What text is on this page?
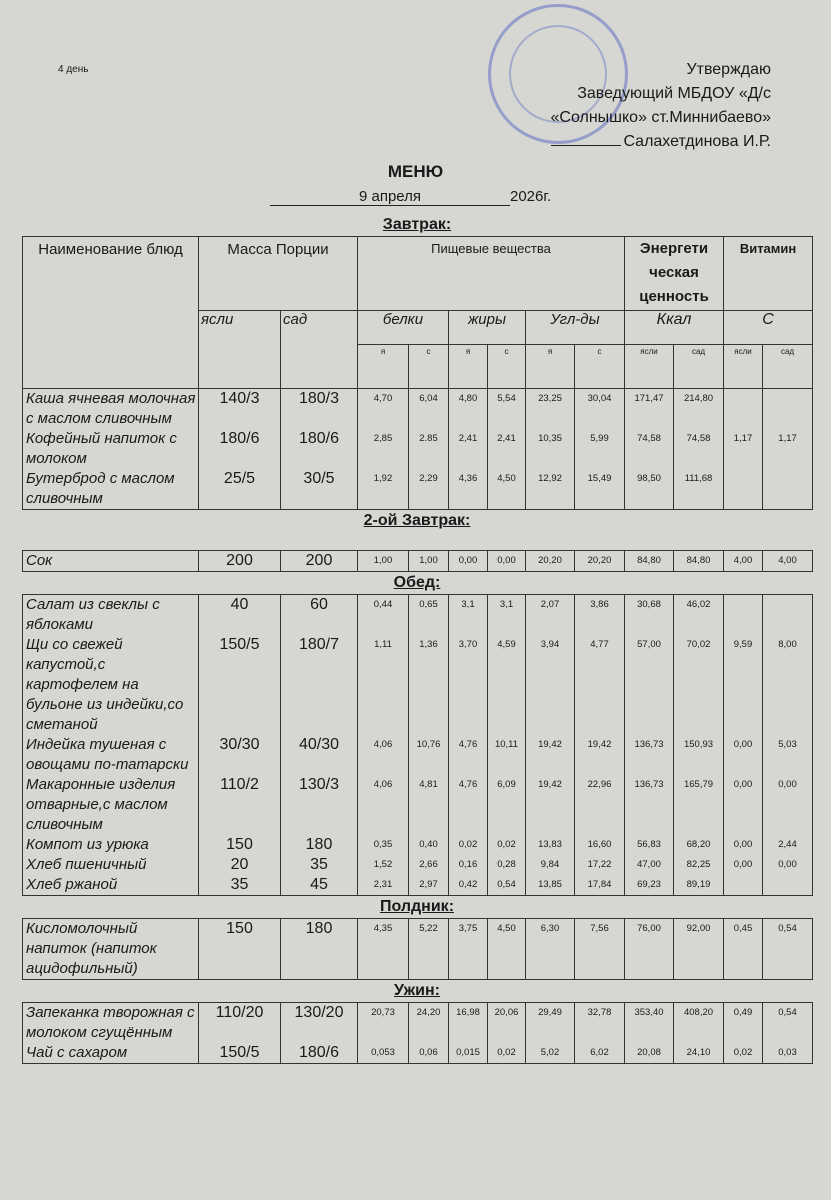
4 день	Утверждаю
Заведующий МБДОУ «Д/с
«Солнышко» ст.Миннибаево»
Салахетдинова И.Р.
МЕНЮ
9 апреля	2026г.
Завтрак:
Наименование блюд	Масса Порции		Пищевые вещества						Энергети ческая ценность		Витамин	
	ясли	сад	белки		жиры		Угл-ды		Ккал		С	
			я	с	я	с	я	с	ясли	сад	ясли	сад
Каша ячневая молочная с маслом сливочным	140/3	180/3	4,70	6,04	4,80	5,54	23,25	30,04	171,47	214,80		
Кофейный напиток с молоком	180/6	180/6	2,85	2.85	2,41	2,41	10,35	5,99	74,58	74,58	1,17	1,17
Бутерброд с маслом сливочным	25/5	30/5	1,92	2,29	4,36	4,50	12,92	15,49	98,50	111,68		
2-ой Завтрак:
Сок	200	200	1,00	1,00	0,00	0,00	20,20	20,20	84,80	84,80	4,00	4,00
Обед:
Салат из свеклы с яблоками	40	60	0,44	0,65	3,1	3,1	2,07	3,86	30,68	46,02		
Щи со свежей капустой,с картофелем на бульоне из индейки,со сметаной	150/5	180/7	1,11	1,36	3,70	4,59	3,94	4,77	57,00	70,02	9,59	8,00
Индейка тушеная с овощами по-татарски	30/30	40/30	4,06	10,76	4,76	10,11	19,42	19,42	136,73	150,93	0,00	5,03
Макаронные изделия отварные,с маслом сливочным	110/2	130/3	4,06	4,81	4,76	6,09	19,42	22,96	136,73	165,79	0,00	0,00
Компот из урюка	150	180	0,35	0,40	0,02	0,02	13,83	16,60	56,83	68,20	0,00	2,44
Хлеб пшеничный	20	35	1,52	2,66	0,16	0,28	9,84	17,22	47,00	82,25	0,00	0,00
Хлеб ржаной	35	45	2,31	2,97	0,42	0,54	13,85	17,84	69,23	89,19		
Полдник:
Кисломолочный напиток (напиток ацидофильный)	150	180	4,35	5,22	3,75	4,50	6,30	7,56	76,00	92,00	0,45	0,54
Ужин:
Запеканка творожная с молоком сгущённым	110/20	130/20	20,73	24,20	16,98	20,06	29,49	32,78	353,40	408,20	0,49	0,54
Чай с сахаром	150/5	180/6	0,053	0,06	0,015	0,02	5,02	6,02	20,08	24,10	0,02	0,03
